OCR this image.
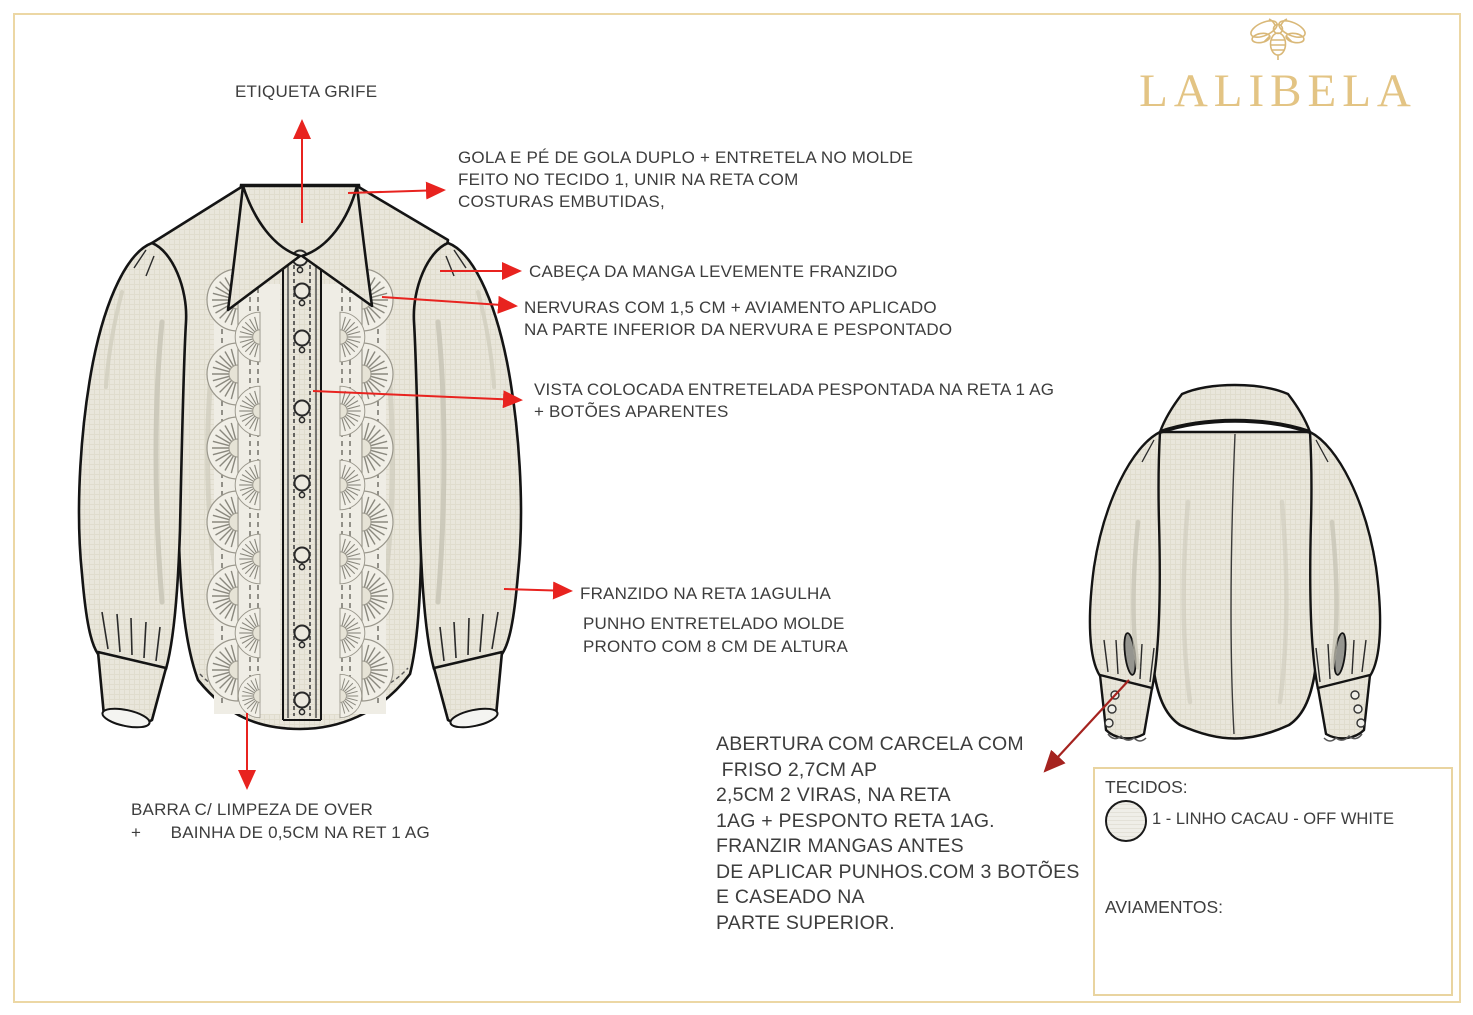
LALIBELA
ETIQUETA GRIFE
GOLA E PÉ DE GOLA DUPLO + ENTRETELA NO MOLDE
FEITO NO TECIDO 1, UNIR NA RETA COM
COSTURAS EMBUTIDAS,
CABEÇA DA MANGA LEVEMENTE FRANZIDO
NERVURAS COM 1,5 CM + AVIAMENTO APLICADO
NA PARTE INFERIOR DA NERVURA E PESPONTADO
VISTA COLOCADA ENTRETELADA PESPONTADA NA RETA 1 AG
+ BOTÕES APARENTES
FRANZIDO NA RETA 1AGULHA
PUNHO ENTRETELADO MOLDE
PRONTO COM 8 CM DE ALTURA
BARRA C/ LIMPEZA DE OVER
+      BAINHA DE 0,5CM NA RET 1 AG
ABERTURA COM CARCELA COM
FRISO 2,7CM AP
2,5CM 2 VIRAS, NA RETA
1AG + PESPONTO RETA 1AG.
FRANZIR MANGAS ANTES
DE APLICAR PUNHOS.COM 3 BOTÕES
E CASEADO NA
PARTE SUPERIOR.
TECIDOS:
1 - LINHO CACAU - OFF WHITE
AVIAMENTOS:
